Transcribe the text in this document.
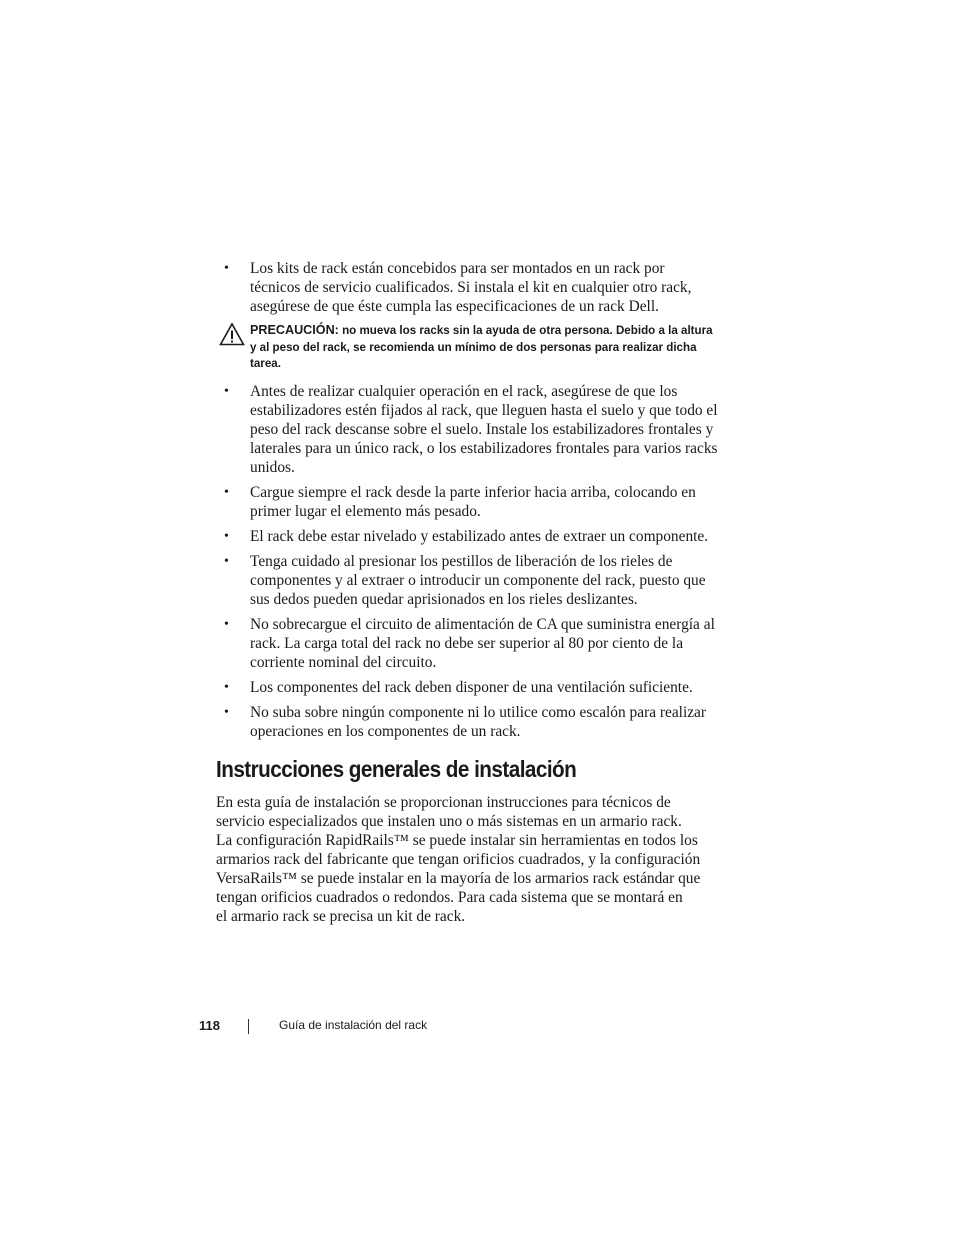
• Los kits de rack están concebidos para ser montados en un rack por técnicos de servicio cualificados. Si instala el kit en cualquier otro rack, asegúrese de que éste cumpla las especificaciones de un rack Dell.
PRECAUCIÓN: no mueva los racks sin la ayuda de otra persona. Debido a la altura y al peso del rack, se recomienda un mínimo de dos personas para realizar dicha tarea.
• Antes de realizar cualquier operación en el rack, asegúrese de que los estabilizadores estén fijados al rack, que lleguen hasta el suelo y que todo el peso del rack descanse sobre el suelo. Instale los estabilizadores frontales y laterales para un único rack, o los estabilizadores frontales para varios racks unidos.
• Cargue siempre el rack desde la parte inferior hacia arriba, colocando en primer lugar el elemento más pesado.
• El rack debe estar nivelado y estabilizado antes de extraer un componente.
• Tenga cuidado al presionar los pestillos de liberación de los rieles de componentes y al extraer o introducir un componente del rack, puesto que sus dedos pueden quedar aprisionados en los rieles deslizantes.
• No sobrecargue el circuito de alimentación de CA que suministra energía al rack. La carga total del rack no debe ser superior al 80 por ciento de la corriente nominal del circuito.
• Los componentes del rack deben disponer de una ventilación suficiente.
• No suba sobre ningún componente ni lo utilice como escalón para realizar operaciones en los componentes de un rack.
Instrucciones generales de instalación

En esta guía de instalación se proporcionan instrucciones para técnicos de
servicio especializados que instalen uno o más sistemas en un armario rack.
La configuración RapidRails™ se puede instalar sin herramientas en todos los
armarios rack del fabricante que tengan orificios cuadrados, y la configuración
VersaRails™ se puede instalar en la mayoría de los armarios rack estándar que
tengan orificios cuadrados o redondos. Para cada sistema que se montará en
el armario rack se precisa un kit de rack.

118	Guía de instalación del rack
